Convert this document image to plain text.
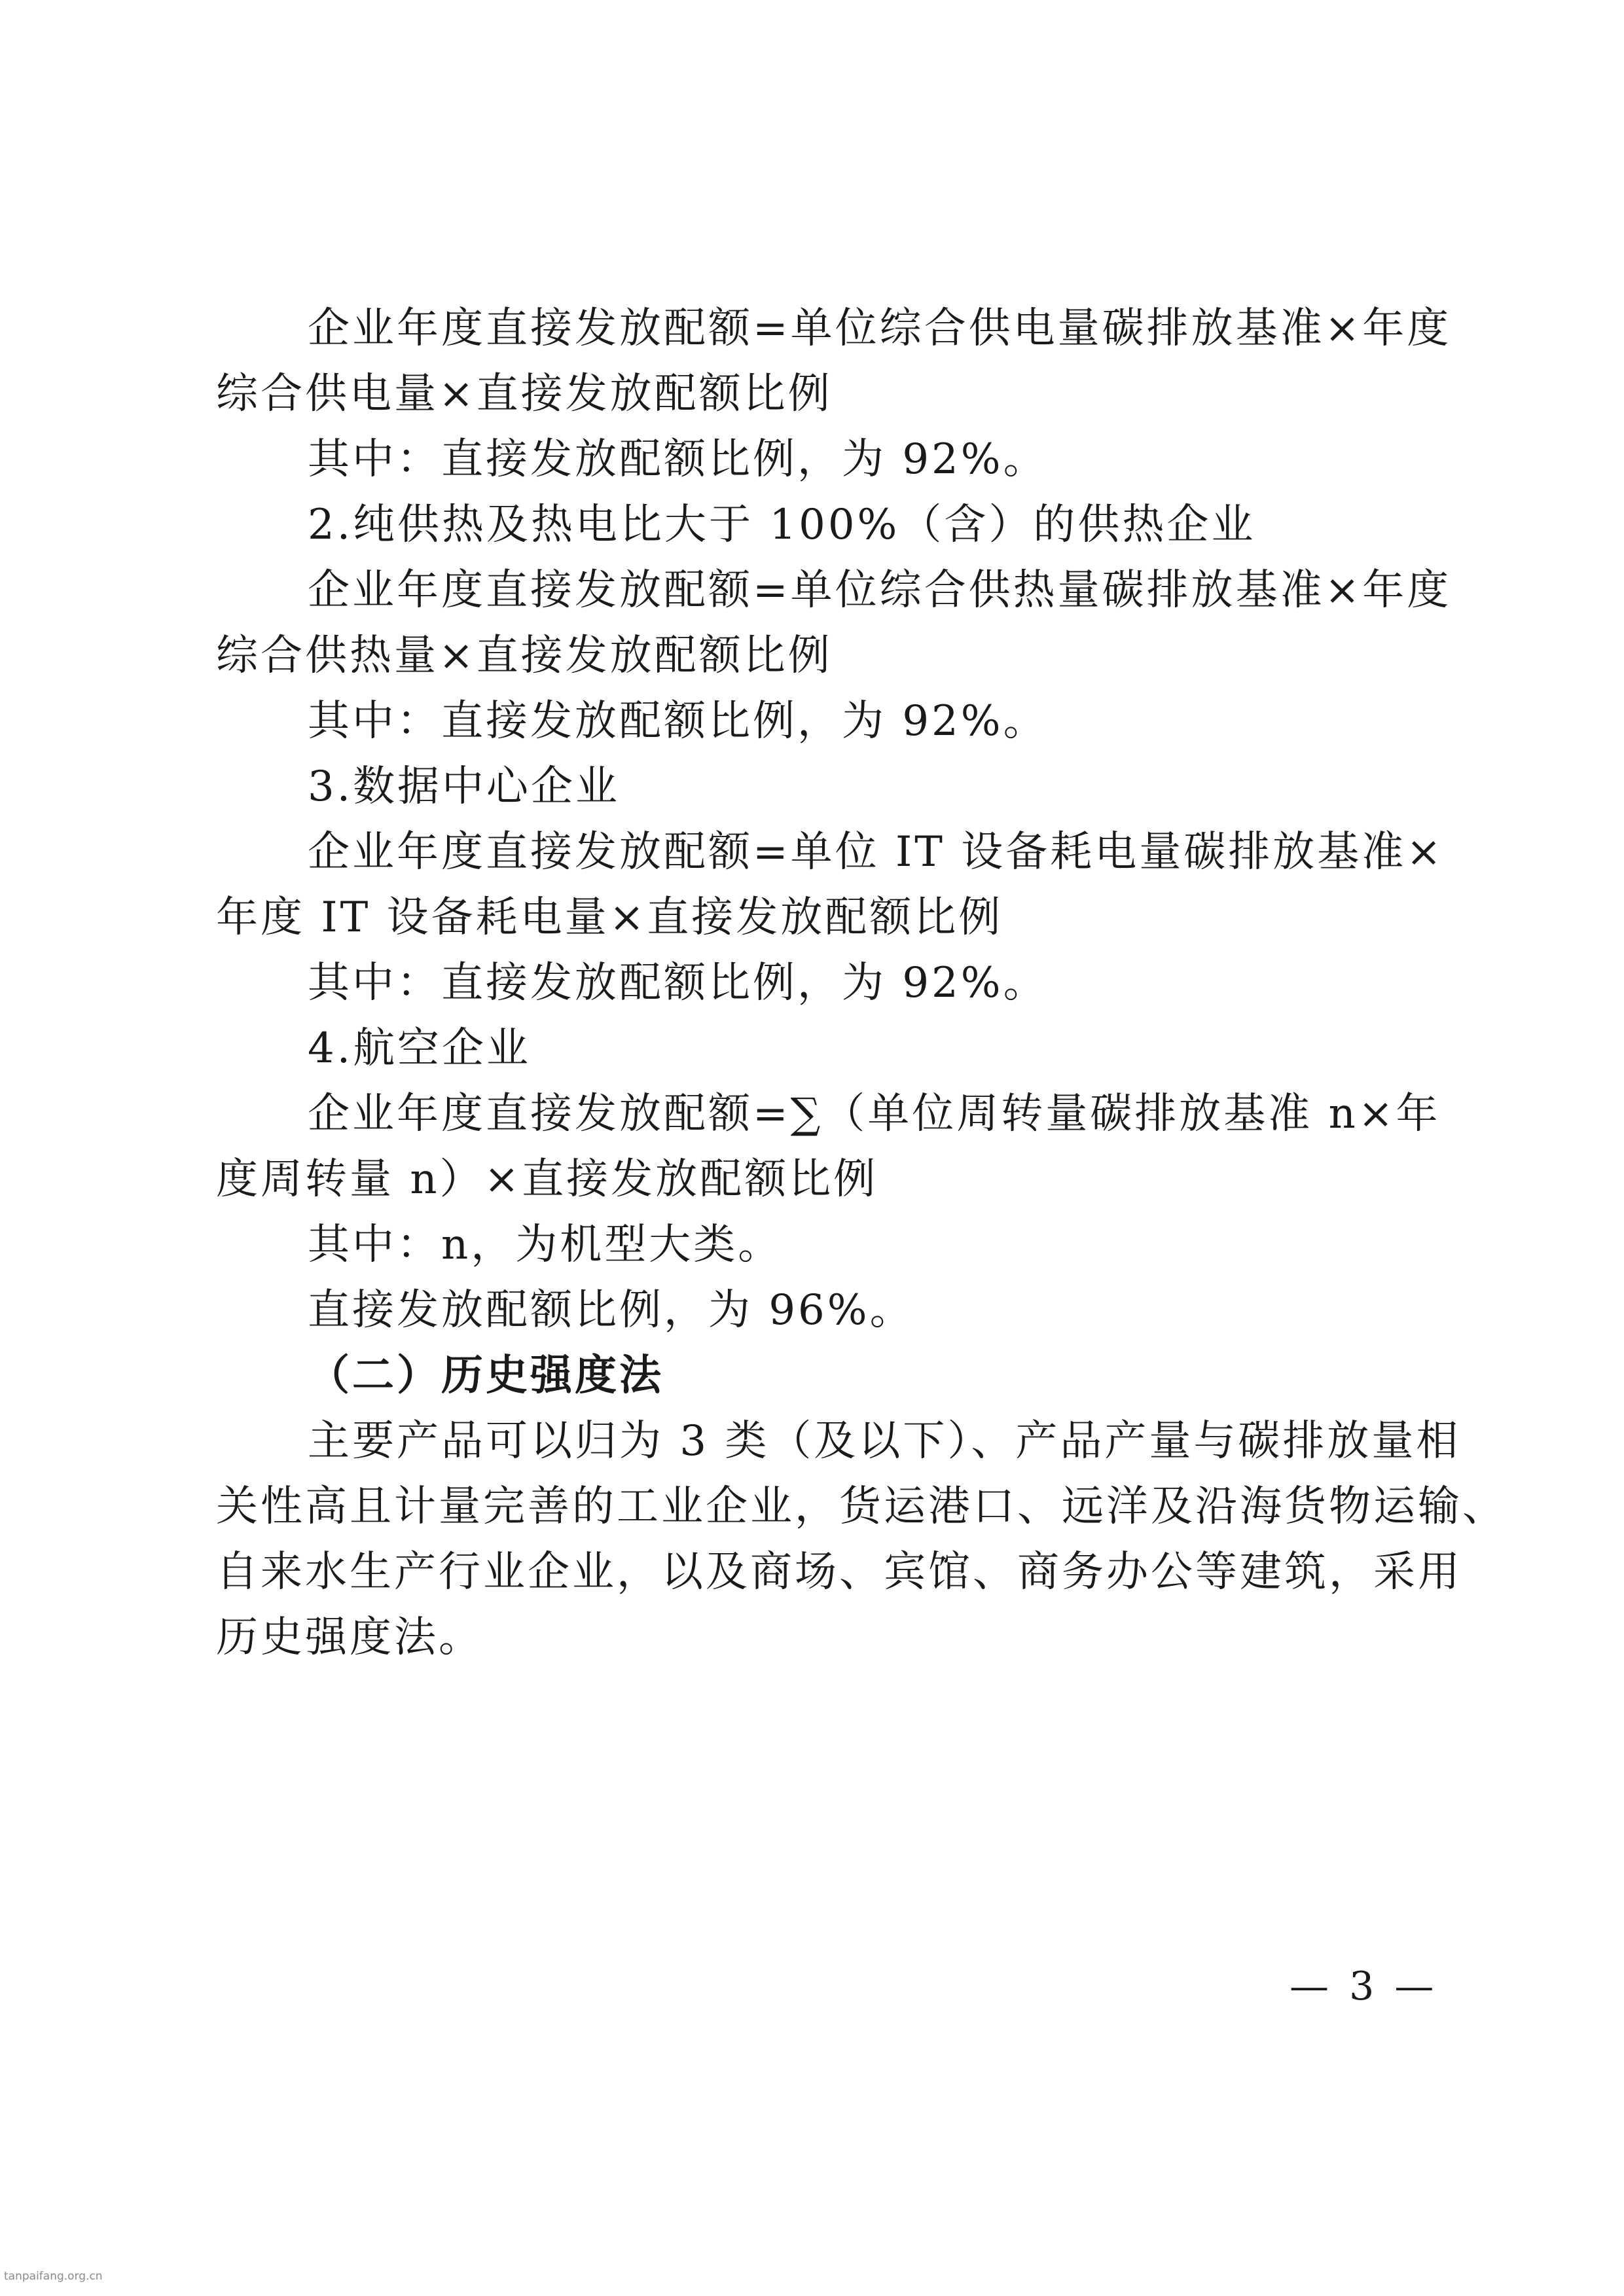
企业年度直接发放配额=单位综合供电量碳排放基准×年度

综合供电量×直接发放配额比例

其中：直接发放配额比例，为 92%。

2.纯供热及热电比大于 100%（含）的供热企业

企业年度直接发放配额=单位综合供热量碳排放基准×年度

综合供热量×直接发放配额比例

其中：直接发放配额比例，为 92%。

3.数据中心企业

企业年度直接发放配额=单位 IT 设备耗电量碳排放基准×

年度 IT 设备耗电量×直接发放配额比例

其中：直接发放配额比例，为 92%。

4.航空企业

企业年度直接发放配额=∑（单位周转量碳排放基准 n×年

度周转量 n）×直接发放配额比例

其中：n，为机型大类。

直接发放配额比例，为 96%。

（二）历史强度法

主要产品可以归为 3 类（及以下）、产品产量与碳排放量相

关性高且计量完善的工业企业，货运港口、远洋及沿海货物运输、

自来水生产行业企业，以及商场、宾馆、商务办公等建筑，采用

历史强度法。

— 3 —
tanpaifang.org.cn
